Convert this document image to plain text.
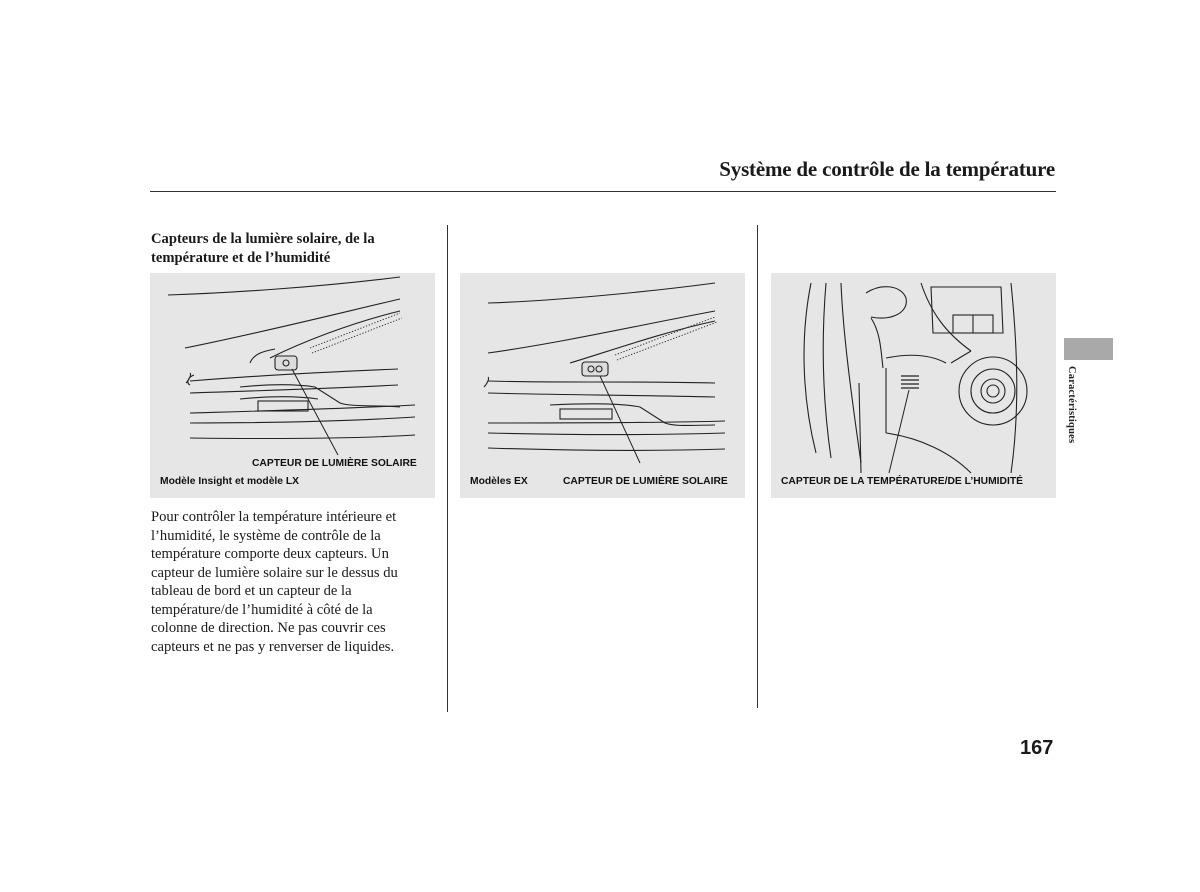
Système de contrôle de la température
Capteurs de la lumière solaire, de la température et de l’humidité
CAPTEUR DE LUMIÈRE SOLAIRE
Modèle Insight et modèle LX	Modèles EX	CAPTEUR DE LUMIÈRE SOLAIRE	CAPTEUR DE LA TEMPÉRATURE/DE L’HUMIDITÉ
Pour contrôler la température intérieure et
l’humidité, le système de contrôle de la
température comporte deux capteurs. Un
capteur de lumière solaire sur le dessus du
tableau de bord et un capteur de la
température/de l’humidité à côté de la
colonne de direction. Ne pas couvrir ces
capteurs et ne pas y renverser de liquides.
Caractéristiques
167
